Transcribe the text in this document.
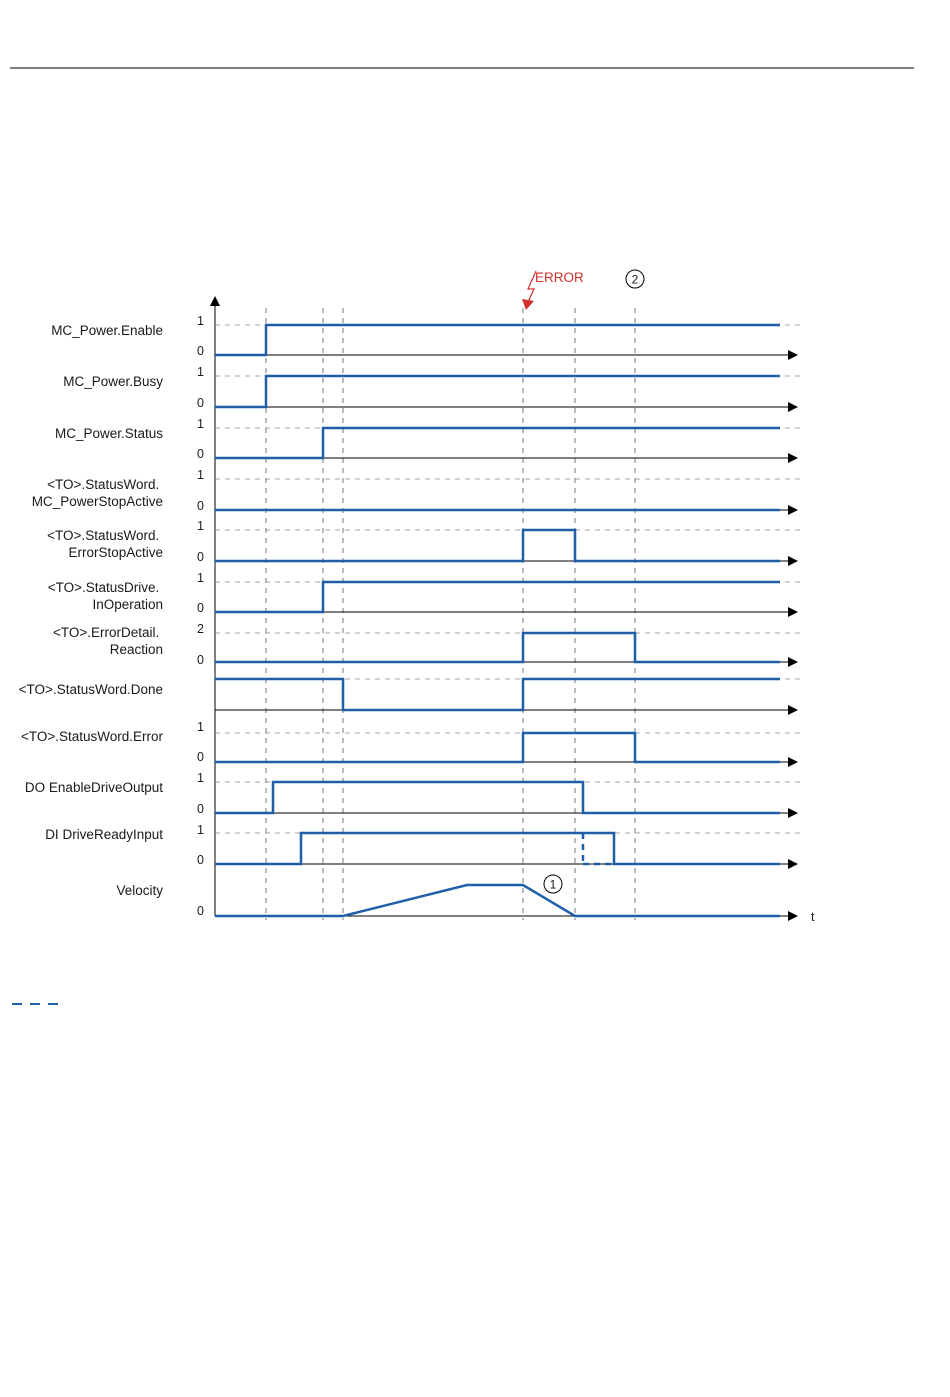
MC_Power.Enable
MC_Power.Busy
MC_Power.Status
<TO>.StatusWord. MC_PowerStopActive
<TO>.StatusWord. ErrorStopActive
<TO>.StatusDrive. InOperation
<TO>.ErrorDetail. Reaction
<TO>.StatusWord.Done
<TO>.StatusWord.Error
DO EnableDriveOutput
DI DriveReadyInput
Velocity
1
0
1
0
1
0
1
0
1
0
1
0
2
0
1
0
1
0
1
0
0
ERROR
1
2
t
